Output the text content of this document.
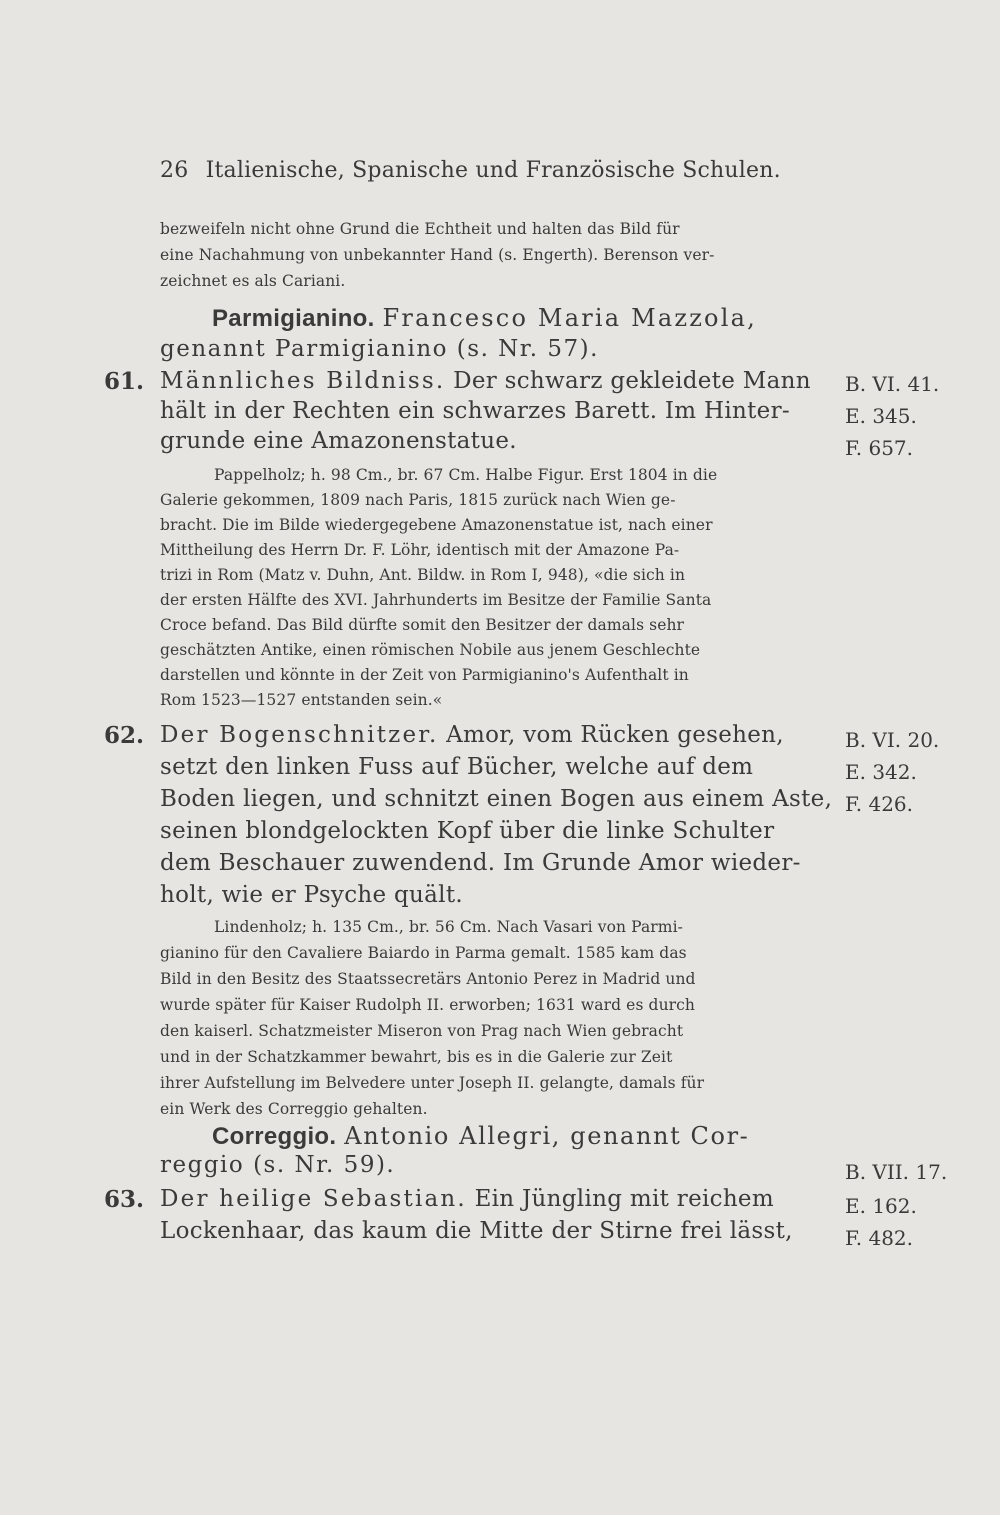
26 Italienische, Spanische und Französische Schulen.
bezweifeln nicht ohne Grund die Echtheit und halten das Bild für
eine Nachahmung von unbekannter Hand (s. Engerth). Berenson ver-
zeichnet es als Cariani.
Parmigianino. Francesco Maria Mazzola,
genannt Parmigianino (s. Nr. 57).
61. Männliches Bildniss. Der schwarz gekleidete Mann
hält in der Rechten ein schwarzes Barett. Im Hinter-
grunde eine Amazonenstatue.
B. VI. 41.
E. 345.
F. 657.
Pappelholz; h. 98 Cm., br. 67 Cm. Halbe Figur. Erst 1804 in die
Galerie gekommen, 1809 nach Paris, 1815 zurück nach Wien ge-
bracht. Die im Bilde wiedergegebene Amazonenstatue ist, nach einer
Mittheilung des Herrn Dr. F. Löhr, identisch mit der Amazone Pa-
trizi in Rom (Matz v. Duhn, Ant. Bildw. in Rom I, 948), «die sich in
der ersten Hälfte des XVI. Jahrhunderts im Besitze der Familie Santa
Croce befand. Das Bild dürfte somit den Besitzer der damals sehr
geschätzten Antike, einen römischen Nobile aus jenem Geschlechte
darstellen und könnte in der Zeit von Parmigianino's Aufenthalt in
Rom 1523—1527 entstanden sein.«
62. Der Bogenschnitzer. Amor, vom Rücken gesehen,
setzt den linken Fuss auf Bücher, welche auf dem
Boden liegen, und schnitzt einen Bogen aus einem Aste,
seinen blondgelockten Kopf über die linke Schulter
dem Beschauer zuwendend. Im Grunde Amor wieder-
holt, wie er Psyche quält.
B. VI. 20.
E. 342.
F. 426.
Lindenholz; h. 135 Cm., br. 56 Cm. Nach Vasari von Parmi-
gianino für den Cavaliere Baiardo in Parma gemalt. 1585 kam das
Bild in den Besitz des Staatssecretärs Antonio Perez in Madrid und
wurde später für Kaiser Rudolph II. erworben; 1631 ward es durch
den kaiserl. Schatzmeister Miseron von Prag nach Wien gebracht
und in der Schatzkammer bewahrt, bis es in die Galerie zur Zeit
ihrer Aufstellung im Belvedere unter Joseph II. gelangte, damals für
ein Werk des Correggio gehalten.
Correggio. Antonio Allegri, genannt Cor-
reggio (s. Nr. 59).
63. Der heilige Sebastian. Ein Jüngling mit reichem
Lockenhaar, das kaum die Mitte der Stirne frei lässt,
B. VII. 17.
E. 162.
F. 482.
